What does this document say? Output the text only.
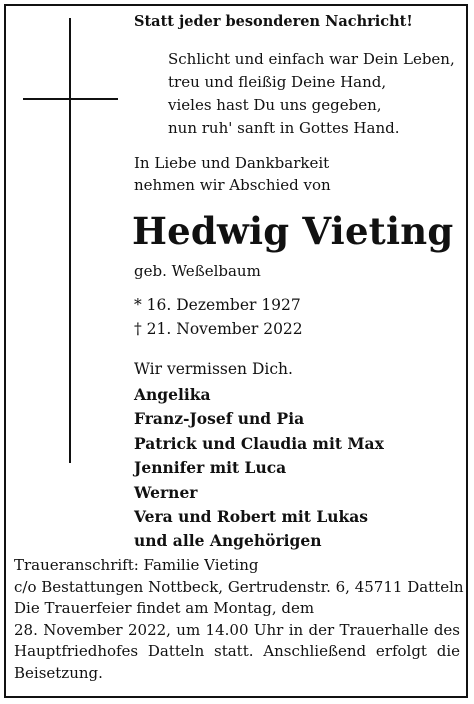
Statt jeder besonderen Nachricht!
Schlicht und einfach war Dein Leben,
treu und fleißig Deine Hand,
vieles hast Du uns gegeben,
nun ruh' sanft in Gottes Hand.
In Liebe und Dankbarkeit
nehmen wir Abschied von
Hedwig Vieting
geb. Weßelbaum
* 16. Dezember 1927
† 21. November 2022
Wir vermissen Dich.
Angelika
Franz-Josef und Pia
Patrick und Claudia mit Max
Jennifer mit Luca
Werner
Vera und Robert mit Lukas
und alle Angehörigen
Traueranschrift: Familie Vieting
c/o Bestattungen Nottbeck, Gertrudenstr. 6, 45711 Datteln
Die Trauerfeier findet am Montag, dem
28. November 2022, um 14.00 Uhr in der Trauerhalle des
Hauptfriedhofes Datteln statt. Anschließend erfolgt die
Beisetzung.
